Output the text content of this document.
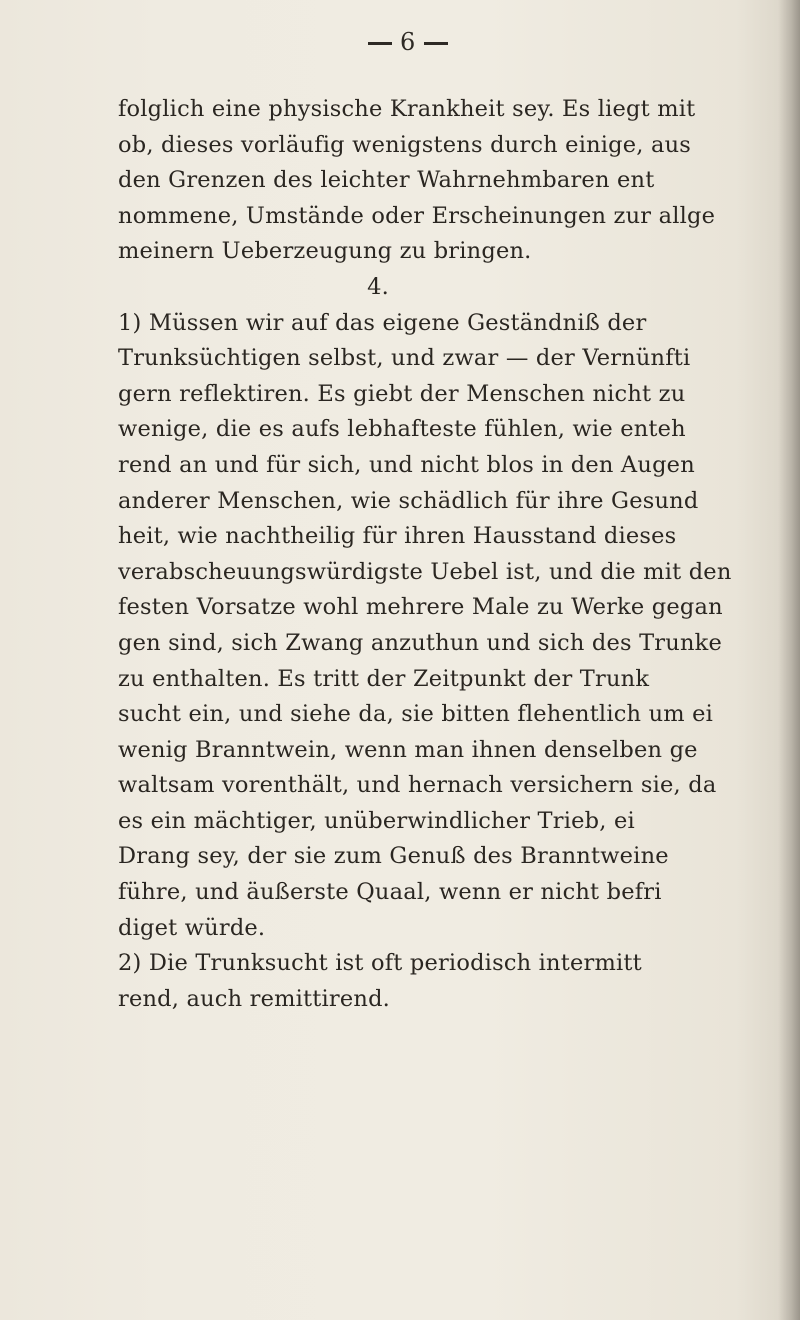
6
folglich eine physische Krankheit sey. Es liegt mit
ob, dieses vorläufig wenigstens durch einige, aus
den Grenzen des leichter Wahrnehmbaren ent
nommene, Umstände oder Erscheinungen zur allge
meinern Ueberzeugung zu bringen.
4.
1) Müssen wir auf das eigene Geständniß der
Trunksüchtigen selbst, und zwar — der Vernünfti
gern reflektiren. Es giebt der Menschen nicht zu
wenige, die es aufs lebhafteste fühlen, wie enteh
rend an und für sich, und nicht blos in den Augen
anderer Menschen, wie schädlich für ihre Gesund
heit, wie nachtheilig für ihren Hausstand dieses
verabscheuungswürdigste Uebel ist, und die mit den
festen Vorsatze wohl mehrere Male zu Werke gegan
gen sind, sich Zwang anzuthun und sich des Trunke
zu enthalten. Es tritt der Zeitpunkt der Trunk
sucht ein, und siehe da, sie bitten flehentlich um ei
wenig Branntwein, wenn man ihnen denselben ge
waltsam vorenthält, und hernach versichern sie, da
es ein mächtiger, unüberwindlicher Trieb, ei
Drang sey, der sie zum Genuß des Branntweine
führe, und äußerste Quaal, wenn er nicht befri
diget würde.
2) Die Trunksucht ist oft periodisch intermitt
rend, auch remittirend.
